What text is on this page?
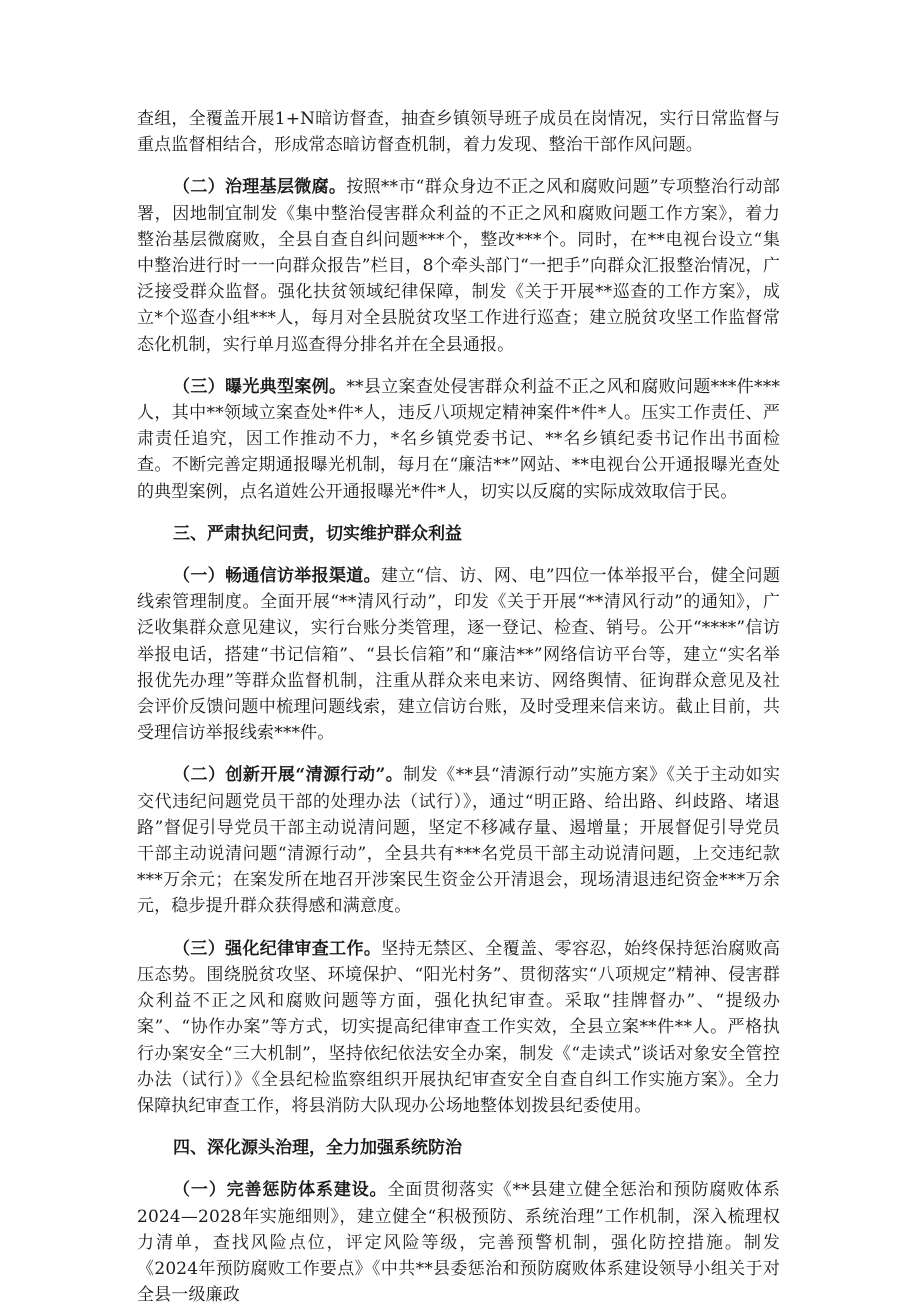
查组，全覆盖开展1+N暗访督查，抽查乡镇领导班子成员在岗情况，实行日常监督与重点监督相结合，形成常态暗访督查机制，着力发现、整治干部作风问题。

（二）治理基层微腐。按照**市“群众身边不正之风和腐败问题”专项整治行动部署，因地制宜制发《集中整治侵害群众利益的不正之风和腐败问题工作方案》，着力整治基层微腐败，全县自查自纠问题***个，整改***个。同时，在**电视台设立“集中整治进行时一一向群众报告”栏目，8个牵头部门“一把手”向群众汇报整治情况，广泛接受群众监督。强化扶贫领域纪律保障，制发《关于开展**巡查的工作方案》，成立*个巡查小组***人，每月对全县脱贫攻坚工作进行巡查；建立脱贫攻坚工作监督常态化机制，实行单月巡查得分排名并在全县通报。

（三）曝光典型案例。**县立案查处侵害群众利益不正之风和腐败问题***件***人，其中**领域立案查处*件*人，违反八项规定精神案件*件*人。压实工作责任、严肃责任追究，因工作推动不力，*名乡镇党委书记、**名乡镇纪委书记作出书面检查。不断完善定期通报曝光机制，每月在“廉洁**”网站、**电视台公开通报曝光查处的典型案例，点名道姓公开通报曝光*件*人，切实以反腐的实际成效取信于民。

三、严肃执纪问责，切实维护群众利益

（一）畅通信访举报渠道。建立“信、访、网、电”四位一体举报平台，健全问题线索管理制度。全面开展“**清风行动”，印发《关于开展“**清风行动”的通知》，广泛收集群众意见建议，实行台账分类管理，逐一登记、检查、销号。公开“****”信访举报电话，搭建“书记信箱”、“县长信箱”和“廉洁**”网络信访平台等，建立“实名举报优先办理”等群众监督机制，注重从群众来电来访、网络舆情、征询群众意见及社会评价反馈问题中梳理问题线索，建立信访台账，及时受理来信来访。截止目前，共受理信访举报线索***件。

（二）创新开展“清源行动”。制发《**县“清源行动”实施方案》《关于主动如实交代违纪问题党员干部的处理办法（试行）》，通过“明正路、给出路、纠歧路、堵退路”督促引导党员干部主动说清问题，坚定不移减存量、遏增量；开展督促引导党员干部主动说清问题“清源行动”，全县共有***名党员干部主动说清问题，上交违纪款***万余元；在案发所在地召开涉案民生资金公开清退会，现场清退违纪资金***万余元，稳步提升群众获得感和满意度。

（三）强化纪律审查工作。坚持无禁区、全覆盖、零容忍，始终保持惩治腐败高压态势。围绕脱贫攻坚、环境保护、“阳光村务”、贯彻落实“八项规定”精神、侵害群众利益不正之风和腐败问题等方面，强化执纪审查。采取“挂牌督办”、“提级办案”、“协作办案”等方式，切实提高纪律审查工作实效，全县立案**件**人。严格执行办案安全“三大机制”，坚持依纪依法安全办案，制发《“走读式”谈话对象安全管控办法（试行）》《全县纪检监察组织开展执纪审查安全自查自纠工作实施方案》。全力保障执纪审查工作，将县消防大队现办公场地整体划拨县纪委使用。

四、深化源头治理，全力加强系统防治

（一）完善惩防体系建设。全面贯彻落实《**县建立健全惩治和预防腐败体系2024—2028年实施细则》，建立健全“积极预防、系统治理”工作机制，深入梳理权力清单，查找风险点位，评定风险等级，完善预警机制，强化防控措施。制发《2024年预防腐败工作要点》《中共**县委惩治和预防腐败体系建设领导小组关于对全县一级廉政
